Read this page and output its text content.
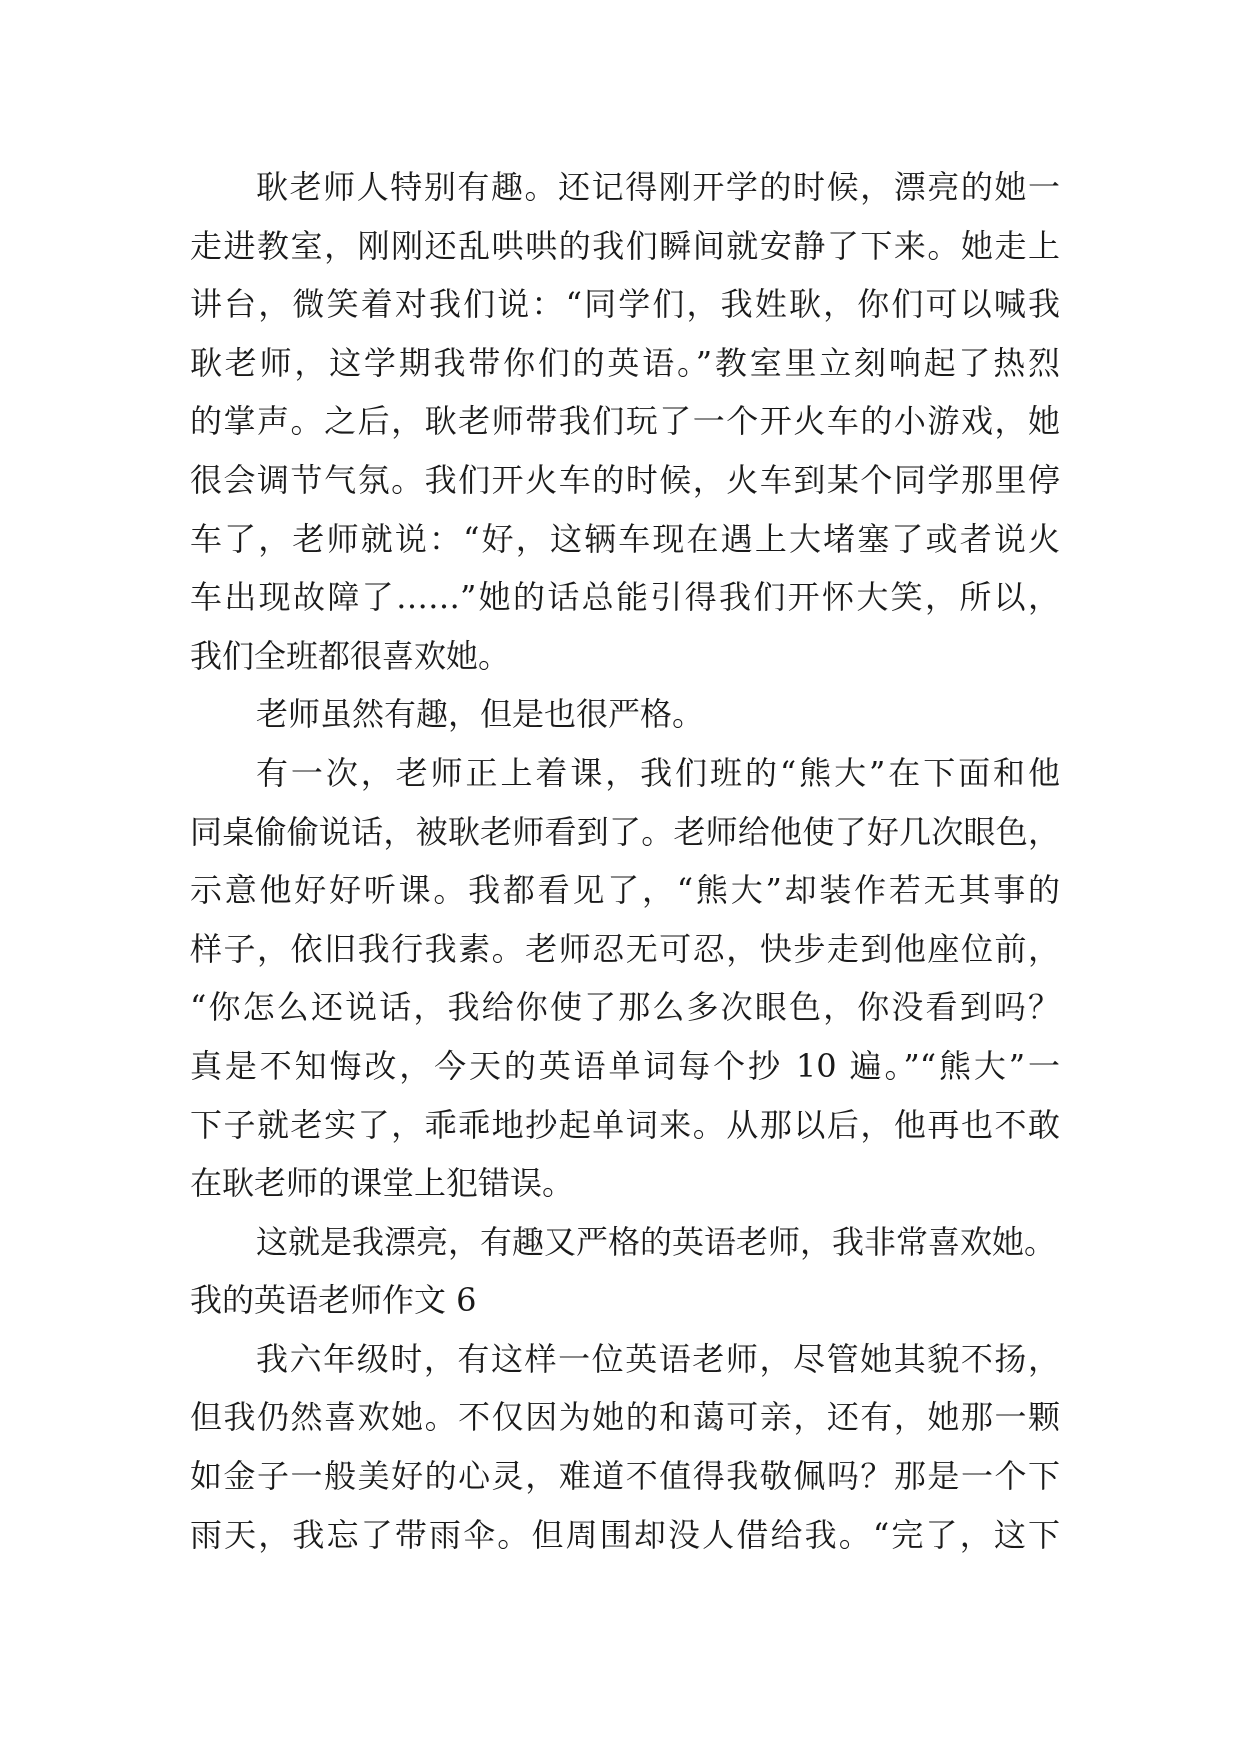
耿老师人特别有趣。还记得刚开学的时候，漂亮的她一
走进教室，刚刚还乱哄哄的我们瞬间就安静了下来。她走上
讲台，微笑着对我们说：“同学们，我姓耿，你们可以喊我
耿老师，这学期我带你们的英语。”教室里立刻响起了热烈
的掌声。之后，耿老师带我们玩了一个开火车的小游戏，她
很会调节气氛。我们开火车的时候，火车到某个同学那里停
车了，老师就说：“好，这辆车现在遇上大堵塞了或者说火
车出现故障了……”她的话总能引得我们开怀大笑，所以，
我们全班都很喜欢她。
老师虽然有趣，但是也很严格。
有一次，老师正上着课，我们班的“熊大”在下面和他
同桌偷偷说话，被耿老师看到了。老师给他使了好几次眼色，
示意他好好听课。我都看见了，“熊大”却装作若无其事的
样子，依旧我行我素。老师忍无可忍，快步走到他座位前，
“你怎么还说话，我给你使了那么多次眼色，你没看到吗？
真是不知悔改，今天的英语单词每个抄 10 遍。”“熊大”一
下子就老实了，乖乖地抄起单词来。从那以后，他再也不敢
在耿老师的课堂上犯错误。
这就是我漂亮，有趣又严格的英语老师，我非常喜欢她。
我的英语老师作文 6
我六年级时，有这样一位英语老师，尽管她其貌不扬，
但我仍然喜欢她。不仅因为她的和蔼可亲，还有，她那一颗
如金子一般美好的心灵，难道不值得我敬佩吗？那是一个下
雨天，我忘了带雨伞。但周围却没人借给我。“完了，这下
